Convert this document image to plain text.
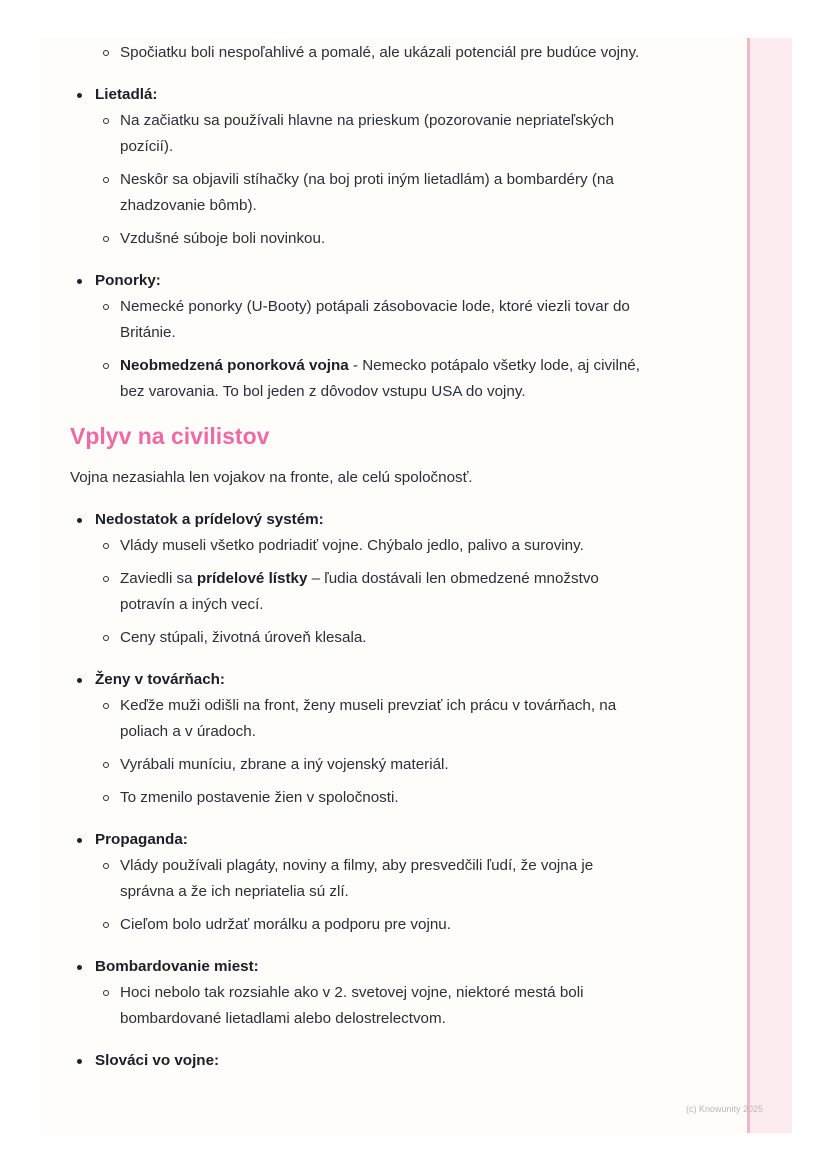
Spočiatku boli nespoľahlivé a pomalé, ale ukázali potenciál pre budúce vojny.
Lietadlá:
Na začiatku sa používali hlavne na prieskum (pozorovanie nepriateľských pozícií).
Neskôr sa objavili stíhačky (na boj proti iným lietadlám) a bombardéry (na zhadzovanie bômb).
Vzdušné súboje boli novinkou.
Ponorky:
Nemecké ponorky (U-Booty) potápali zásobovacie lode, ktoré viezli tovar do Británie.
Neobmedzená ponorková vojna - Nemecko potápalo všetky lode, aj civilné, bez varovania. To bol jeden z dôvodov vstupu USA do vojny.
Vplyv na civilistov

Vojna nezasiahla len vojakov na fronte, ale celú spoločnosť.

Nedostatok a prídelový systém:
Vlády museli všetko podriadiť vojne. Chýbalo jedlo, palivo a suroviny.
Zaviedli sa prídelové lístky – ľudia dostávali len obmedzené množstvo potravín a iných vecí.
Ceny stúpali, životná úroveň klesala.
Ženy v továrňach:
Keďže muži odišli na front, ženy museli prevziať ich prácu v továrňach, na poliach a v úradoch.
Vyrábali muníciu, zbrane a iný vojenský materiál.
To zmenilo postavenie žien v spoločnosti.
Propaganda:
Vlády používali plagáty, noviny a filmy, aby presvedčili ľudí, že vojna je správna a že ich nepriatelia sú zlí.
Cieľom bolo udržať morálku a podporu pre vojnu.
Bombardovanie miest:
Hoci nebolo tak rozsiahle ako v 2. svetovej vojne, niektoré mestá boli bombardované lietadlami alebo delostrelectvom.
Slováci vo vojne:
(c) Knowunity 2025
